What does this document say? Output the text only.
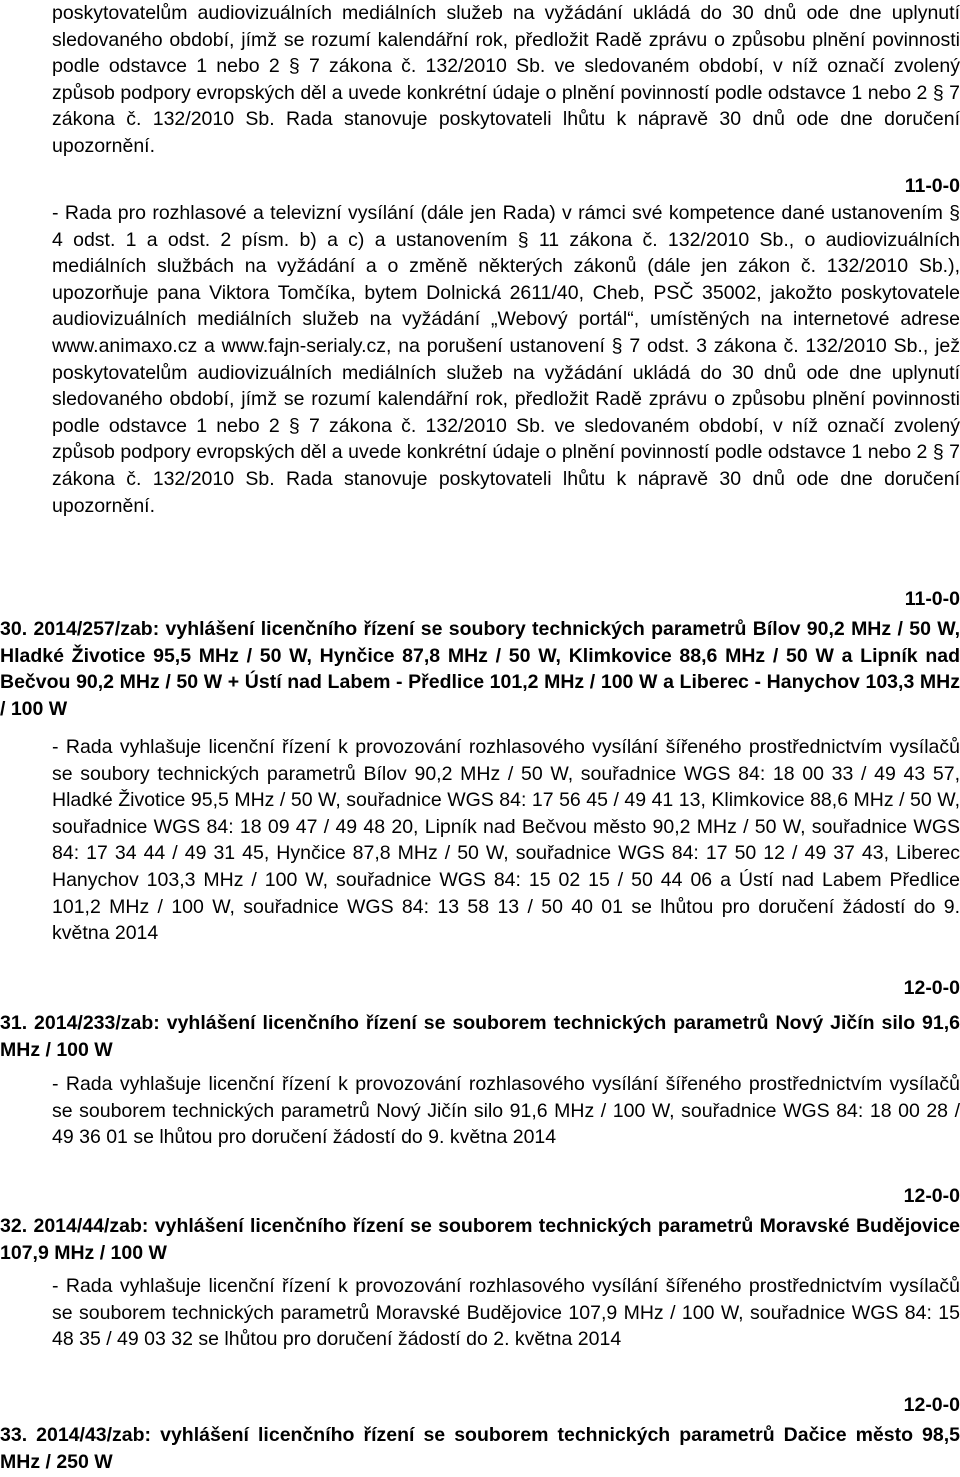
poskytovatelům audiovizuálních mediálních služeb na vyžádání ukládá do 30 dnů ode dne uplynutí sledovaného období, jímž se rozumí kalendářní rok, předložit Radě zprávu o způsobu plnění povinnosti podle odstavce 1 nebo 2 § 7 zákona č. 132/2010 Sb. ve sledovaném období, v níž označí zvolený způsob podpory evropských děl a uvede konkrétní údaje o plnění povinností podle odstavce 1 nebo 2 § 7 zákona č. 132/2010 Sb. Rada stanovuje poskytovateli lhůtu k nápravě 30 dnů ode dne doručení upozornění.
11-0-0
- Rada pro rozhlasové a televizní vysílání (dále jen Rada) v rámci své kompetence dané ustanovením § 4 odst. 1 a odst. 2 písm. b) a c) a ustanovením § 11 zákona č. 132/2010 Sb., o audiovizuálních mediálních službách na vyžádání a o změně některých zákonů (dále jen zákon č. 132/2010 Sb.), upozorňuje pana Viktora Tomčíka, bytem Dolnická 2611/40, Cheb, PSČ 35002, jakožto poskytovatele audiovizuálních mediálních služeb na vyžádání „Webový portál“, umístěných na internetové adrese www.animaxo.cz a www.fajn-serialy.cz, na porušení ustanovení § 7 odst. 3 zákona č. 132/2010 Sb., jež poskytovatelům audiovizuálních mediálních služeb na vyžádání ukládá do 30 dnů ode dne uplynutí sledovaného období, jímž se rozumí kalendářní rok, předložit Radě zprávu o způsobu plnění povinnosti podle odstavce 1 nebo 2 § 7 zákona č. 132/2010 Sb. ve sledovaném období, v níž označí zvolený způsob podpory evropských děl a uvede konkrétní údaje o plnění povinností podle odstavce 1 nebo 2 § 7 zákona č. 132/2010 Sb. Rada stanovuje poskytovateli lhůtu k nápravě 30 dnů ode dne doručení upozornění.
11-0-0
30. 2014/257/zab: vyhlášení licenčního řízení se soubory technických parametrů Bílov 90,2 MHz / 50 W, Hladké Životice 95,5 MHz / 50 W, Hynčice 87,8 MHz / 50 W, Klimkovice 88,6 MHz / 50 W a Lipník nad Bečvou 90,2 MHz / 50 W + Ústí nad Labem - Předlice 101,2 MHz / 100 W a Liberec - Hanychov 103,3 MHz / 100 W
- Rada vyhlašuje licenční řízení k provozování rozhlasového vysílání šířeného prostřednictvím vysílačů se soubory technických parametrů Bílov 90,2 MHz / 50 W, souřadnice WGS 84: 18 00 33 / 49 43 57, Hladké Životice 95,5 MHz / 50 W, souřadnice WGS 84: 17 56 45 / 49 41 13, Klimkovice 88,6 MHz / 50 W, souřadnice WGS 84: 18 09 47 / 49 48 20, Lipník nad Bečvou město 90,2 MHz / 50 W, souřadnice WGS 84: 17 34 44 / 49 31 45, Hynčice 87,8 MHz / 50 W, souřadnice WGS 84: 17 50 12 / 49 37 43, Liberec Hanychov 103,3 MHz / 100 W, souřadnice WGS 84: 15 02 15 / 50 44 06 a Ústí nad Labem Předlice 101,2 MHz / 100 W, souřadnice WGS 84: 13 58 13 / 50 40 01 se lhůtou pro doručení žádostí do 9. května 2014
12-0-0
31. 2014/233/zab: vyhlášení licenčního řízení se souborem technických parametrů Nový Jičín silo 91,6 MHz / 100 W
- Rada vyhlašuje licenční řízení k provozování rozhlasového vysílání šířeného prostřednictvím vysílačů se souborem technických parametrů Nový Jičín silo 91,6 MHz / 100 W, souřadnice WGS 84: 18 00 28 / 49 36 01 se lhůtou pro doručení žádostí do 9. května 2014
12-0-0
32. 2014/44/zab: vyhlášení licenčního řízení se souborem technických parametrů Moravské Budějovice 107,9 MHz / 100 W
- Rada vyhlašuje licenční řízení k provozování rozhlasového vysílání šířeného prostřednictvím vysílačů se souborem technických parametrů Moravské Budějovice 107,9 MHz / 100 W, souřadnice WGS 84: 15 48 35 / 49 03 32 se lhůtou pro doručení žádostí do 2. května 2014
12-0-0
33. 2014/43/zab: vyhlášení licenčního řízení se souborem technických parametrů Dačice město 98,5 MHz / 250 W
